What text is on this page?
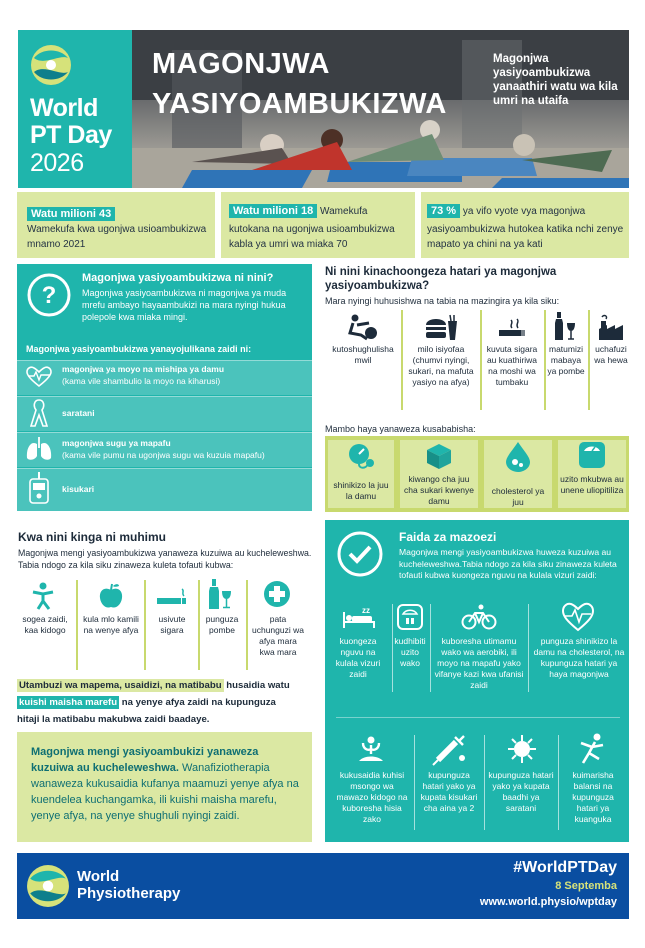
World
PT Day
2026
MAGONJWA
YASIYOAMBUKIZWA
Magonjwa yasiyoambukizwa yanaathiri watu wa kila umri na utaifa
Watu milioni 43
Wamekufa kwa ugonjwa usioambukizwa mnamo 2021
Watu milioni 18 Wamekufa
kutokana na ugonjwa usioambukizwa kabla ya umri wa miaka 70
73 % ya vifo vyote vya magonjwa
yasiyoambukizwa hutokea katika nchi zenye mapato ya chini na ya kati
?
Magonjwa yasiyoambukizwa ni nini?
Magonjwa yasiyoambukizwa ni magonjwa ya muda mrefu ambayo hayaambukizi na mara nyingi hukua polepole kwa miaka mingi.
Magonjwa yasiyoambukizwa yanayojulikana zaidi ni:
magonjwa ya moyo na mishipa ya damu
(kama vile shambulio la moyo na kiharusi)
saratani
magonjwa sugu ya mapafu
(kama vile pumu na ugonjwa sugu wa kuzuia mapafu)
kisukari
Ni nini kinachoongeza hatari ya magonjwa yasiyoambukizwa?
Mara nyingi huhusishwa na tabia na mazingira ya kila siku:
kutoshughulisha mwil
milo isiyofaa (chumvi nyingi, sukari, na mafuta yasiyo na afya)
kuvuta sigara au kuathiriwa na moshi wa tumbaku
matumizi mabaya ya pombe
uchafuzi wa hewa
Mambo haya yanaweza kusababisha:
shinikizo la juu la damu
kiwango cha juu cha sukari kwenye damu
cholesterol ya juu
uzito mkubwa au unene uliopitiliza
Kwa nini kinga ni muhimu
Magonjwa mengi yasiyoambukizwa yanaweza kuzuiwa au kucheleweshwa. Tabia ndogo za kila siku zinaweza kuleta tofauti kubwa:
sogea zaidi, kaa kidogo
kula mlo kamili na wenye afya
usivute sigara
punguza pombe
pata uchunguzi wa afya mara kwa mara
Utambuzi wa mapema, usaidizi, na matibabu husaidia watu
kuishi maisha marefu na yenye afya zaidi na kupunguza
hitaji la matibabu makubwa zaidi baadaye.
Magonjwa mengi yasiyoambukizi yanaweza kuzuiwa au kucheleweshwa. Wanafiziotherapia wanaweza kukusaidia kufanya maamuzi yenye afya na kuendelea kuchangamka, ili kuishi maisha marefu, yenye afya, na yenye shughuli nyingi zaidi.
Faida za mazoezi
Magonjwa mengi yasiyoambukizwa huweza kuzuiwa au kucheleweshwa.Tabia ndogo za kila siku zinaweza kuleta tofauti kubwa kuongeza nguvu na kulala vizuri zaidi:
zz
kuongeza nguvu na kulala vizuri zaidi
kudhibiti uzito wako
kuboresha utimamu wako wa aerobiki, ili moyo na mapafu yako vifanye kazi kwa ufanisi zaidi
punguza shinikizo la damu na cholesterol, na kupunguza hatari ya haya magonjwa
kukusaidia kuhisi msongo wa mawazo kidogo na kuboresha hisia zako
kupunguza hatari yako ya kupata kisukari cha aina ya 2
kupunguza hatari yako ya kupata baadhi ya saratani
kuimarisha balansi na kupunguza hatari ya kuanguka
World
Physiotherapy
#WorldPTDay
8 Septemba
www.world.physio/wptday
